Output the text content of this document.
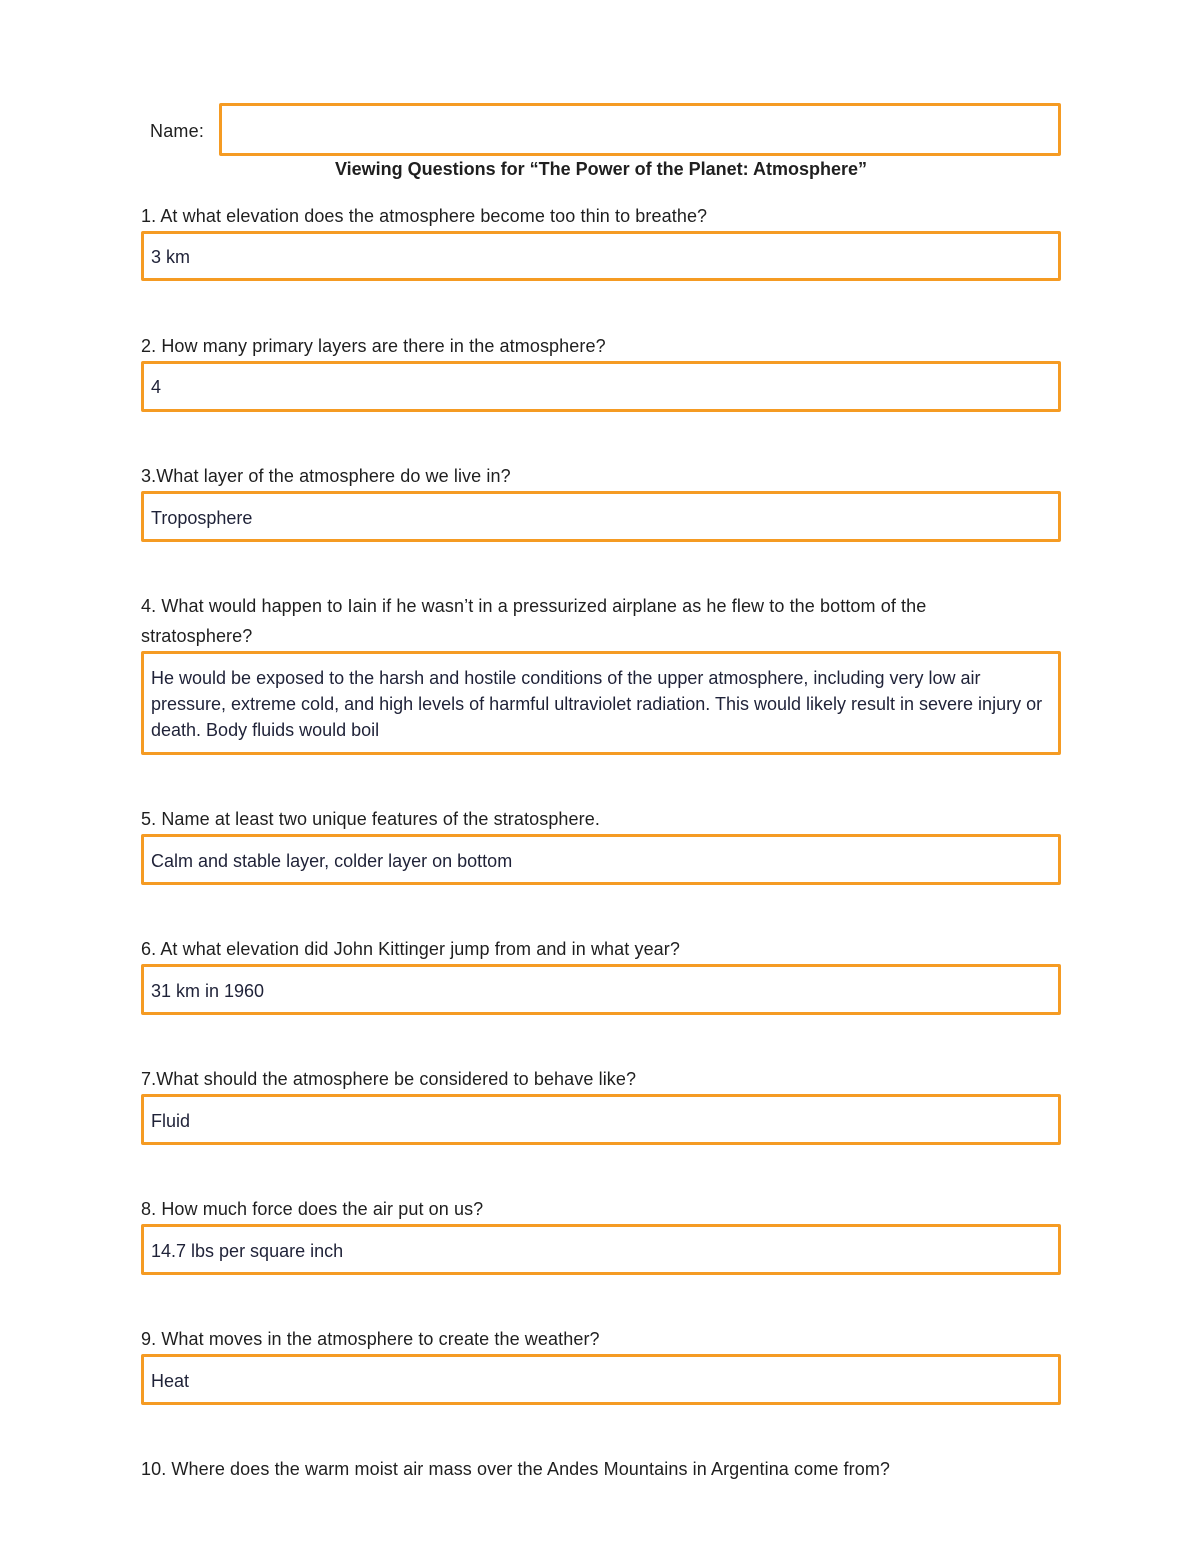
Name:
Viewing Questions for “The Power of the Planet: Atmosphere”
1. At what elevation does the atmosphere become too thin to breathe?
3 km
2. How many primary layers are there in the atmosphere?
4
3.What layer of the atmosphere do we live in?
Troposphere
4. What would happen to Iain if he wasn’t in a pressurized airplane as he flew to the bottom of the stratosphere?
He would be exposed to the harsh and hostile conditions of the upper atmosphere, including very low air pressure, extreme cold, and high levels of harmful ultraviolet radiation. This would likely result in severe injury or death. Body fluids would boil
5. Name at least two unique features of the stratosphere.
Calm and stable layer, colder layer on bottom
6. At what elevation did John Kittinger jump from and in what year?
31 km in 1960
7.What should the atmosphere be considered to behave like?
Fluid
8. How much force does the air put on us?
14.7 lbs per square inch
9. What moves in the atmosphere to create the weather?
Heat
10. Where does the warm moist air mass over the Andes Mountains in Argentina come from?
